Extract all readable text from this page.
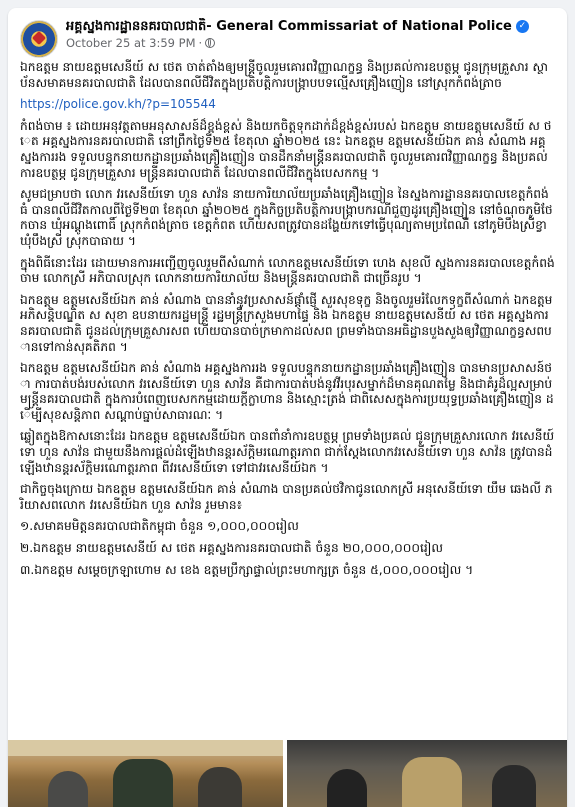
អគ្គស្នងការដ្ឋាននគរបាលជាតិ- General Commissariat of National Police ✓
October 25 at 3:59 PM ·

ឯកឧត្តម នាយឧត្តមសេនីយ៍ ស ថេត ចាត់តាំងឲ្យមន្ត្រីចូលរួមគោរពវិញ្ញាណក្ខន្ធ និងប្រគល់ការឧបត្ថម្ភ ជូនក្រុមគ្រួសារ ស្ថាប័នសមាគមនគរបាលជាតិ ដែលបានពលីជីវិតក្នុងប្រតិបត្តិការបង្ក្រាបបទល្មើសគ្រឿងញៀន នៅស្រុកកំពង់ត្រាច

https://police.gov.kh/?p=105544

កំពង់ចាម ៖ ដោយអនុវត្តតាមអនុសាសន៍ដ៏ខ្ពង់ខ្ពស់ និងយកចិត្តទុកដាក់ដ៏ខ្ពង់ខ្ពស់របស់ ឯកឧត្តម នាយឧត្តមសេនីយ៍ ស ថេត អគ្គស្នងការនគរបាលជាតិ នៅព្រឹកថ្ងៃទី២៥ ខែតុលា ឆ្នាំ២០២៥ នេះ ឯកឧត្តម ឧត្តមសេនីយ៍ឯក គាន់ សំណាង អគ្គស្នងការរង ទទួលបន្ទុកនាយកដ្ឋានប្រឆាំងគ្រឿងញៀន បានដឹកនាំមន្ត្រីនគរបាលជាតិ ចូលរួមគោរពវិញ្ញាណក្ខន្ធ និងប្រគល់ការឧបត្ថម្ភ ជូនក្រុមគ្រួសារ មន្ត្រីនគរបាលជាតិ ដែលបានពលីជីវិតក្នុងបេសកកម្ម ។

សូមជម្រាបថា លោក វរសេនីយ៍ទោ ហួន សាវ៉ន នាយការិយាល័យប្រឆាំងគ្រឿងញៀន នៃស្នងការដ្ឋាននគរបាលខេត្តកំពង់ធំ បានពលីជីវិតកាលពីថ្ងៃទី២៣ ខែតុលា ឆ្នាំ២០២៥ ក្នុងកិច្ចប្រតិបត្តិការបង្ក្រាបករណីជួញដូរគ្រឿងញៀន នៅចំណុចភូមិថែកចាន ឃុំអណ្តូងពោធិ៍ ស្រុកកំពង់ត្រាច ខេត្តកំពត ហើយសពត្រូវបានដង្ហែយកទៅធ្វើបុណ្យតាមប្រពៃណី នៅភូមិបឹងស្រីខ្វា ឃុំបឹងស្រី ស្រុកបាធាយ ។

ក្នុងពិធីនោះដែរ ដោយមានការអញ្ជើញចូលរួមពីសំណាក់ លោកឧត្តមសេនីយ៍ទោ ហេង សុខលី ស្នងការនគរបាលខេត្តកំពង់ចាម លោកស្រី អភិបាលស្រុក លោកនាយការិយាល័យ និងមន្ត្រីនគរបាលជាតិ ជាច្រើនរូប ។

ឯកឧត្តម ឧត្តមសេនីយ៍ឯក គាន់ សំណាង បាននាំនូវប្រសាសន៍ផ្ដាំផ្ញើ សួរសុខទុក្ខ និងចូលរួមរំលែកទុក្ខពីសំណាក់ ឯកឧត្តម អភិសន្តិបណ្ឌិត ស សុខា ឧបនាយករដ្ឋមន្ត្រី រដ្ឋមន្ត្រីក្រសួងមហាផ្ទៃ និង ឯកឧត្តម នាយឧត្តមសេនីយ៍ ស ថេត អគ្គស្នងការនគរបាលជាតិ ជូនដល់ក្រុមគ្រួសារសព ហើយបានបាច់ក្រមាកាដល់សព ព្រមទាំងបានអធិដ្ឋានបួងសួងឲ្យវិញ្ញាណក្ខន្ធសពបានទៅកាន់សុគតិភព ។

ឯកឧត្តម ឧត្តមសេនីយ៍ឯក គាន់ សំណាង អគ្គស្នងការរង ទទួលបន្ទុកនាយកដ្ឋានប្រឆាំងគ្រឿងញៀន បានមានប្រសាសន៍ថា ការបាត់បង់របស់លោក វរសេនីយ៍ទោ ហួន សាវ៉ន គឺជាការបាត់បង់នូវវីរបុរសម្នាក់ដ៏មានគុណតម្លៃ និងជាគំរូដ៏ល្អសម្រាប់មន្ត្រីនគរបាលជាតិ ក្នុងការបំពេញបេសកកម្មដោយក្ដីក្លាហាន និងស្មោះត្រង់ ជាពិសេសក្នុងការប្រយុទ្ធប្រឆាំងគ្រឿងញៀន ដើម្បីសុខសន្តិភាព សណ្ដាប់ធ្នាប់សាធារណៈ ។

ឆ្លៀតក្នុងឱកាសនោះដែរ ឯកឧត្តម ឧត្តមសេនីយ៍ឯក បានពាំនាំការឧបត្ថម្ភ ព្រមទាំងប្រគល់ ជូនក្រុមគ្រួសារលោក វរសេនីយ៍ទោ ហួន សាវ៉ន ជាមួយនឹងការផ្ដល់ដំឡើងឋានន្តរស័ក្តិមរណោត្តរភាព ជាក់ស្ដែងលោកវរសេនីយ៍ទោ ហួន សាវ៉ន ត្រូវបានដំឡើងឋានន្តរស័ក្តិមរណោត្តរភាព ពីវរសេនីយ៍ទោ ទៅជាវរសេនីយ៍ឯក ។

ជាកិច្ចចុងក្រោយ ឯកឧត្តម ឧត្តមសេនីយ៍ឯក គាន់ សំណាង បានប្រគល់ថវិកាជូនលោកស្រី អនុសេនីយ៍ទោ យឹម ឆេងលី ភរិយាសពលោក វរសេនីយ៍ឯក ហួន សាវ៉ន រួមមាន៖

១.សមាគមមិត្តនគរបាលជាតិកម្ពុជា ចំនួន ១,០០០,០០០រៀល

២.ឯកឧត្តម នាយឧត្តមសេនីយ៍ ស ថេត អគ្គស្នងការនគរបាលជាតិ ចំនួន ២០,០០០,០០០រៀល

៣.ឯកឧត្តម សម្តេចក្រឡាហោម ស ខេង ឧត្តមប្រឹក្សាផ្ទាល់ព្រះមហាក្សត្រ ចំនួន ៥,០០០,០០០រៀល ។
